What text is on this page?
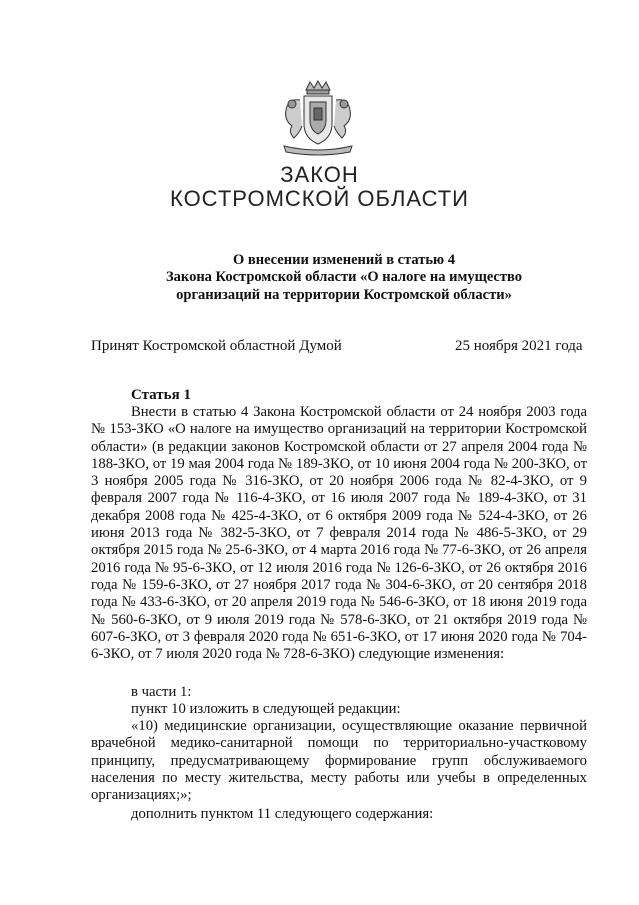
ЗАКОН
КОСТРОМСКОЙ ОБЛАСТИ
О внесении изменений в статью 4
Закона Костромской области «О налоге на имущество
организаций на территории Костромской области»
Принят Костромской областной Думой	25 ноября 2021 года
Статья 1
Внести в статью 4 Закона Костромской области от 24 ноября 2003 года № 153-ЗКО «О налоге на имущество организаций на территории Костромской области» (в редакции законов Костромской области от 27 апреля 2004 года № 188-ЗКО, от 19 мая 2004 года № 189-ЗКО, от 10 июня 2004 года № 200-ЗКО, от 3 ноября 2005 года № 316-ЗКО, от 20 ноября 2006 года № 82-4-ЗКО, от 9 февраля 2007 года № 116-4-ЗКО, от 16 июля 2007 года № 189-4-ЗКО, от 31 декабря 2008 года № 425-4-ЗКО, от 6 октября 2009 года № 524-4-ЗКО, от 26 июня 2013 года № 382-5-ЗКО, от 7 февраля 2014 года № 486-5-ЗКО, от 29 октября 2015 года № 25-6-ЗКО, от 4 марта 2016 года № 77-6-ЗКО, от 26 апреля 2016 года № 95-6-ЗКО, от 12 июля 2016 года № 126-6-ЗКО, от 26 октября 2016 года № 159-6-ЗКО, от 27 ноября 2017 года № 304-6-ЗКО, от 20 сентября 2018 года № 433-6-ЗКО, от 20 апреля 2019 года № 546-6-ЗКО, от 18 июня 2019 года № 560-6-ЗКО, от 9 июля 2019 года № 578-6-ЗКО, от 21 октября 2019 года № 607-6-ЗКО, от 3 февраля 2020 года № 651-6-ЗКО, от 17 июня 2020 года № 704-6-ЗКО, от 7 июля 2020 года № 728-6-ЗКО) следующие изменения:
в части 1:
пункт 10 изложить в следующей редакции:
«10) медицинские организации, осуществляющие оказание первичной врачебной медико-санитарной помощи по территориально-участковому принципу, предусматривающему формирование групп обслуживаемого населения по месту жительства, месту работы или учебы в определенных организациях;»;
дополнить пунктом 11 следующего содержания:
